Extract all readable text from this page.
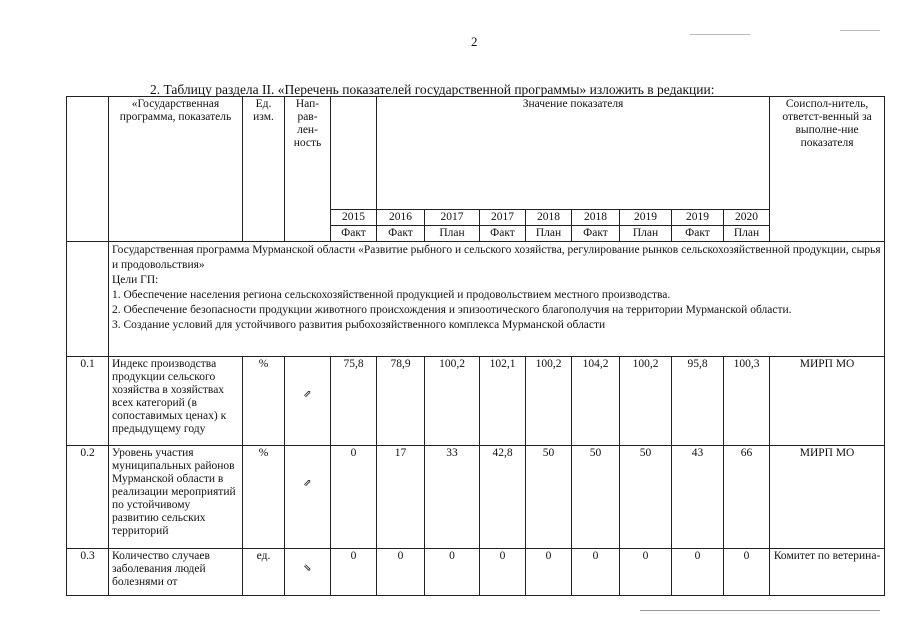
2
2. Таблицу раздела II. «Перечень показателей государственной программы» изложить в редакции:
	«Государственная программа, показатель	Ед. изм.	Нап-рав-лен-ность		Значение показателя								Соиспол-нитель, ответст-венный за выполне-ние показателя
				2015	2016	2017	2017	2018	2018	2019	2019	2020	
				Факт	Факт	План	Факт	План	Факт	План	Факт	План	

	Государственная программа Мурманской области «Развитие рыбного и сельского хозяйства, регулирование рынков сельскохозяйственной продукции, сырья и продовольствия»
Цели ГП:
1. Обеспечение населения региона сельскохозяйственной продукцией и продовольствием местного производства.
2. Обеспечение безопасности продукции животного происхождения и эпизоотического благополучия на территории Мурманской области.
3. Создание условий для устойчивого развития рыбохозяйственного комплекса Мурманской области												

0.1	Индекс производства продукции сельского хозяйства в хозяйствах всех категорий (в сопоставимых ценах) к предыдущему году	%	⇗	75,8	78,9	100,2	102,1	100,2	104,2	100,2	95,8	100,3	МИРП МО
0.2	Уровень участия муниципальных районов Мурманской области в реализации мероприятий по устойчивому развитию сельских территорий	%	⇗	0	17	33	42,8	50	50	50	43	66	МИРП МО
0.3	Количество случаев заболевания людей болезнями от	ед.	⇘	0	0	0	0	0	0	0	0	0	Комитет по ветерина-
